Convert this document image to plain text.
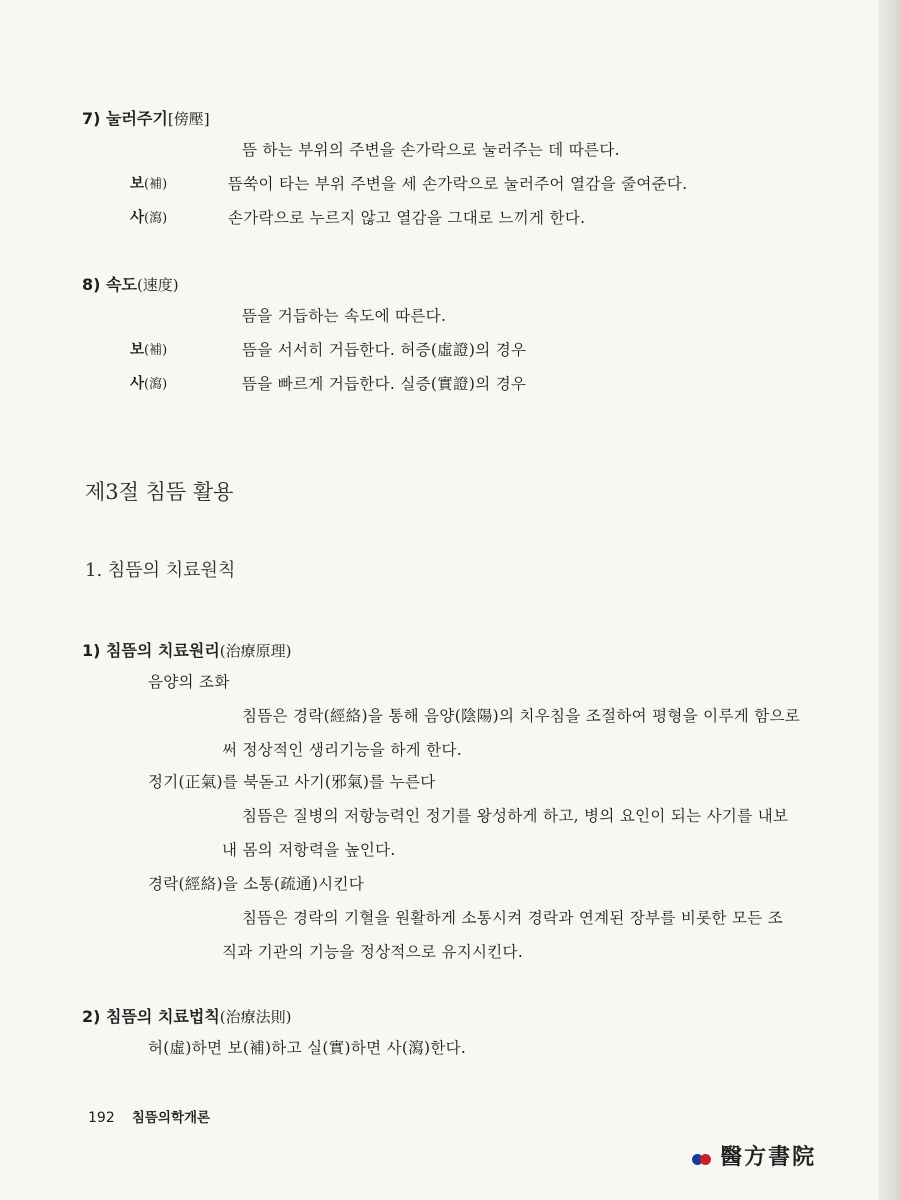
7) 눌러주기[傍壓]
뜸 하는 부위의 주변을 손가락으로 눌러주는 데 따른다.
보(補)	뜸쑥이 타는 부위 주변을 세 손가락으로 눌러주어 열감을 줄여준다.
사(瀉)	손가락으로 누르지 않고 열감을 그대로 느끼게 한다.
8) 속도(速度)
뜸을 거듭하는 속도에 따른다.
보(補)	뜸을 서서히 거듭한다. 허증(虛證)의 경우
사(瀉)	뜸을 빠르게 거듭한다. 실증(實證)의 경우
제3절 침뜸 활용
1. 침뜸의 치료원칙
1) 침뜸의 치료원리(治療原理)
음양의 조화
침뜸은 경락(經絡)을 통해 음양(陰陽)의 치우침을 조절하여 평형을 이루게 함으로
써 정상적인 생리기능을 하게 한다.
정기(正氣)를 북돋고 사기(邪氣)를 누른다
침뜸은 질병의 저항능력인 정기를 왕성하게 하고, 병의 요인이 되는 사기를 내보
내 몸의 저항력을 높인다.
경락(經絡)을 소통(疏通)시킨다
침뜸은 경락의 기혈을 원활하게 소통시켜 경락과 연계된 장부를 비롯한 모든 조
직과 기관의 기능을 정상적으로 유지시킨다.
2) 침뜸의 치료법칙(治療法則)
허(虛)하면 보(補)하고 실(實)하면 사(瀉)한다.
192 침뜸의학개론
醫方書院
